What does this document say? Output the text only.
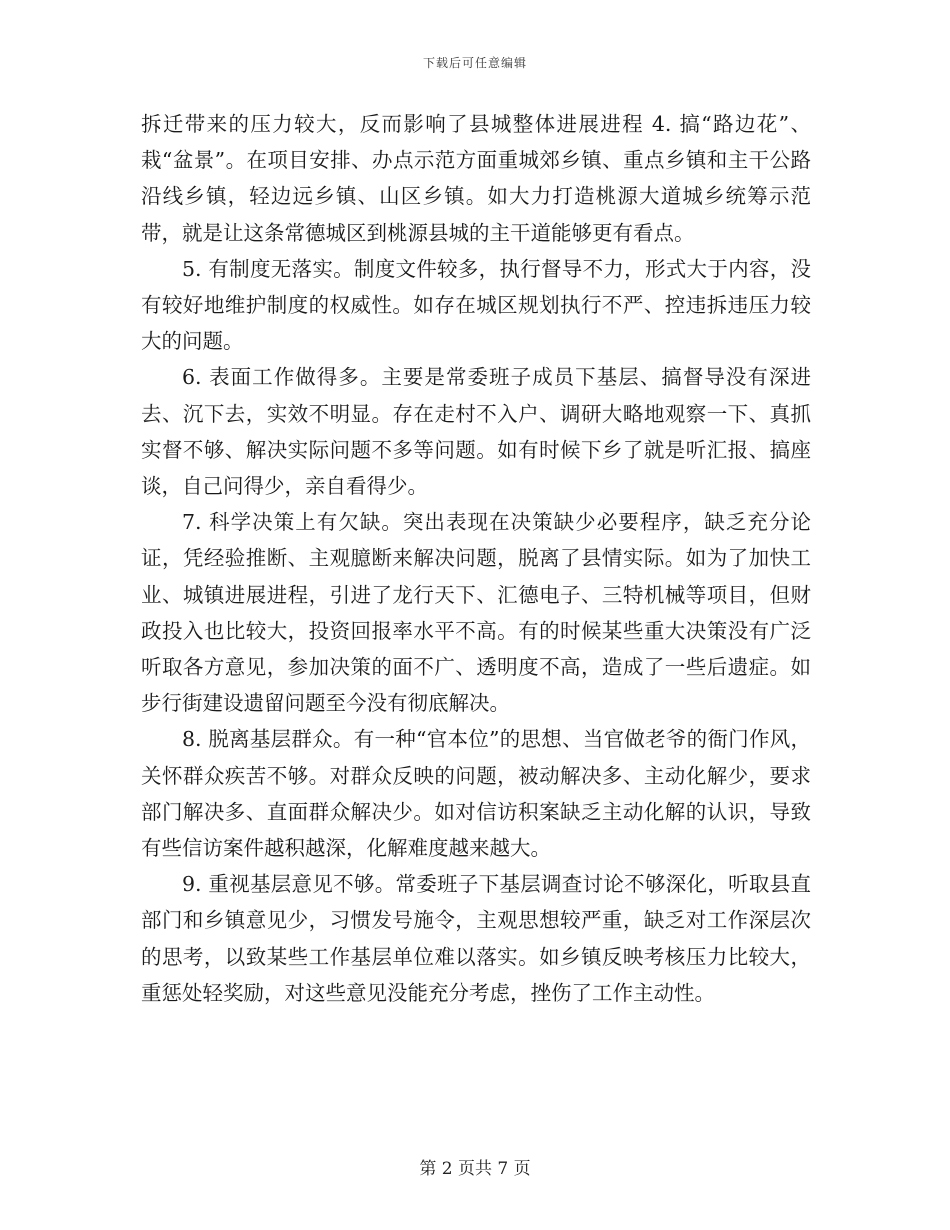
下载后可任意编辑

拆迁带来的压力较大，反而影响了县城整体进展进程 4. 搞“路边花”、栽“盆景”。在项目安排、办点示范方面重城郊乡镇、重点乡镇和主干公路沿线乡镇，轻边远乡镇、山区乡镇。如大力打造桃源大道城乡统筹示范带，就是让这条常德城区到桃源县城的主干道能够更有看点。

5. 有制度无落实。制度文件较多，执行督导不力，形式大于内容，没有较好地维护制度的权威性。如存在城区规划执行不严、控违拆违压力较大的问题。

6. 表面工作做得多。主要是常委班子成员下基层、搞督导没有深进去、沉下去，实效不明显。存在走村不入户、调研大略地观察一下、真抓实督不够、解决实际问题不多等问题。如有时候下乡了就是听汇报、搞座谈，自己问得少，亲自看得少。

7. 科学决策上有欠缺。突出表现在决策缺少必要程序，缺乏充分论证，凭经验推断、主观臆断来解决问题，脱离了县情实际。如为了加快工业、城镇进展进程，引进了龙行天下、汇德电子、三特机械等项目，但财政投入也比较大，投资回报率水平不高。有的时候某些重大决策没有广泛听取各方意见，参加决策的面不广、透明度不高，造成了一些后遗症。如步行街建设遗留问题至今没有彻底解决。

8. 脱离基层群众。有一种“官本位”的思想、当官做老爷的衙门作风，关怀群众疾苦不够。对群众反映的问题，被动解决多、主动化解少，要求部门解决多、直面群众解决少。如对信访积案缺乏主动化解的认识，导致有些信访案件越积越深，化解难度越来越大。

9. 重视基层意见不够。常委班子下基层调查讨论不够深化，听取县直部门和乡镇意见少，习惯发号施令，主观思想较严重，缺乏对工作深层次的思考，以致某些工作基层单位难以落实。如乡镇反映考核压力比较大，重惩处轻奖励，对这些意见没能充分考虑，挫伤了工作主动性。

第 2 页共 7 页
